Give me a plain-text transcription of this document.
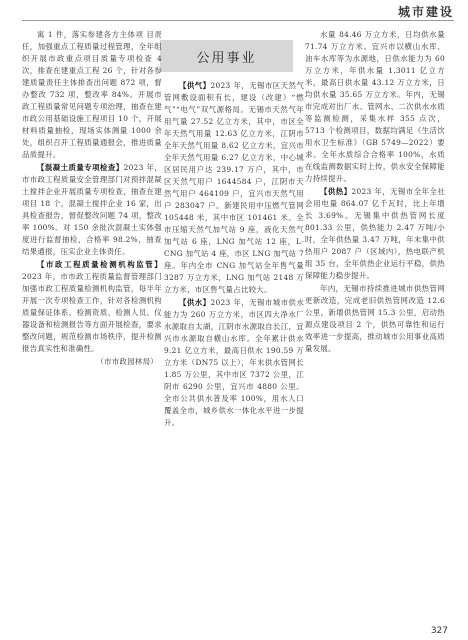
城市建设
公用事业

寓 1 件，落实参建各方主体项 目责任，加强重点工程质量过程管理，全年组织开展市政重点项目质量专项检查 4 次，排查在建重点工程 26 个，针对各参建质量责任主体排查出问题 872 项，督办整改 732 项，整改率 84%。开展市政工程质量常见问题专项治理，抽查在建市政公用基础设施工程项目 10 个，开展材料质量抽检，现场实体测量 1000 余处，组织召开工程质量通报会，推进质量品质提升。

【混凝土质量专项检查】2023 年，市市政工程质量安全管理部门对预拌混凝土搅拌企业开展质量专项检查，抽查在建项目 18 个，混凝土搅拌企业 16 家，出具检查报告，督促整改问题 74 项，整改率 100%。对 150 余批次混凝土实体强度进行监督抽检，合格率 98.2%，抽查结果通报，压实企业主体责任。

【市政工程质量检测机构监管】2023 年，市市政工程质量监督管理部门加强市政工程质量检测机构监管，每半年开展一次专项检查工作，针对各检测机构质量保证体系、检测资质、检测人员、仪器设备和检测报告等方面开展检查，要求整改问题，规范检测市场秩序，提升检测报告真实性和准确性。

（市市政园林局）

【供气】2023 年，无锡市区天然气管网敷设面积有长，建设（改建）“燃气”“电气”双气源格局。无锡市天然气年用气量 27.52 亿立方米，其中，市区全年天然气用量 12.63 亿立方米，江阴市全年天然气用量 8.62 亿立方米，宜兴市全年天然气用量 6.27 亿立方米，中心城区居民用户达 239.17 万户，其中，市区天然气用户 1644584 户，江阴市天然气用户 464109 户，宜兴市天然气用户 283047 户。新建民用中压燃气管网 105448 米，其中市区 101461 米。全市压缩天然气加气站 9 座，液化天然气加气站 6 座，LNG 加气站 12 座，L-CNG 加气站 4 座，市区 LNG 加气站 7 座。年内全市 CNG 加气站全年售气量 3287 万立方米，LNG 加气站 2148 万立方米，市区售气量占比较大。

【供水】2023 年，无锡市城市供水能力为 260 万立方米，市区四大净水厂水源取自太湖，江阴市水源取自长江，宜兴市水源取自横山水库。全年累计供水 9.21 亿立方米，最高日供水 190.59 万立方米（DN75 以上），年末供水管网长 1.85 万公里，其中市区 7372 公里，江阴市 6290 公里，宜兴市 4880 公里。全市公共供水普及率 100%，用水人口覆盖全市，城乡供水一体化水平进一步提升。

水量 84.46 万立方米，日均供水量 71.74 万立方米。宜兴市以横山水库、油车水库等为水源地，日供水能力为 60 万立方米，年供水量 1.3011 亿立方米，最高日供水量 43.12 万立方米，日均供水量 35.65 万立方米。年内，无锡市完成对出厂水、管网水、二次供水水质等监测检测，采集水样 355 点次，5713 个检测项目，数据均满足《生活饮用水卫生标准》（GB 5749—2022）要求。全年水质综合合格率 100%，水质在线监测数据实时上传，供水安全保障能力持续提升。

【供热】2023 年，无锡市全年全社会用电量 864.07 亿千瓦时，比上年增长 3.69%。无锡集中供热管网长度 801.33 公里，供热能力 2.47 万吨/小时，全年供热量 3.47 万吨，年末集中供热用户 2087 户（区域内），热电联产机组 35 台，全年供热企业运行平稳，供热保障能力稳步提升。

年内，无锡市持续推进城市供热管网更新改造，完成老旧供热管网改造 12.6 公里，新增供热管网 15.3 公里，启动热源点建设项目 2 个，供热可靠性和运行效率进一步提高，推动城市公用事业高质量发展。

327
